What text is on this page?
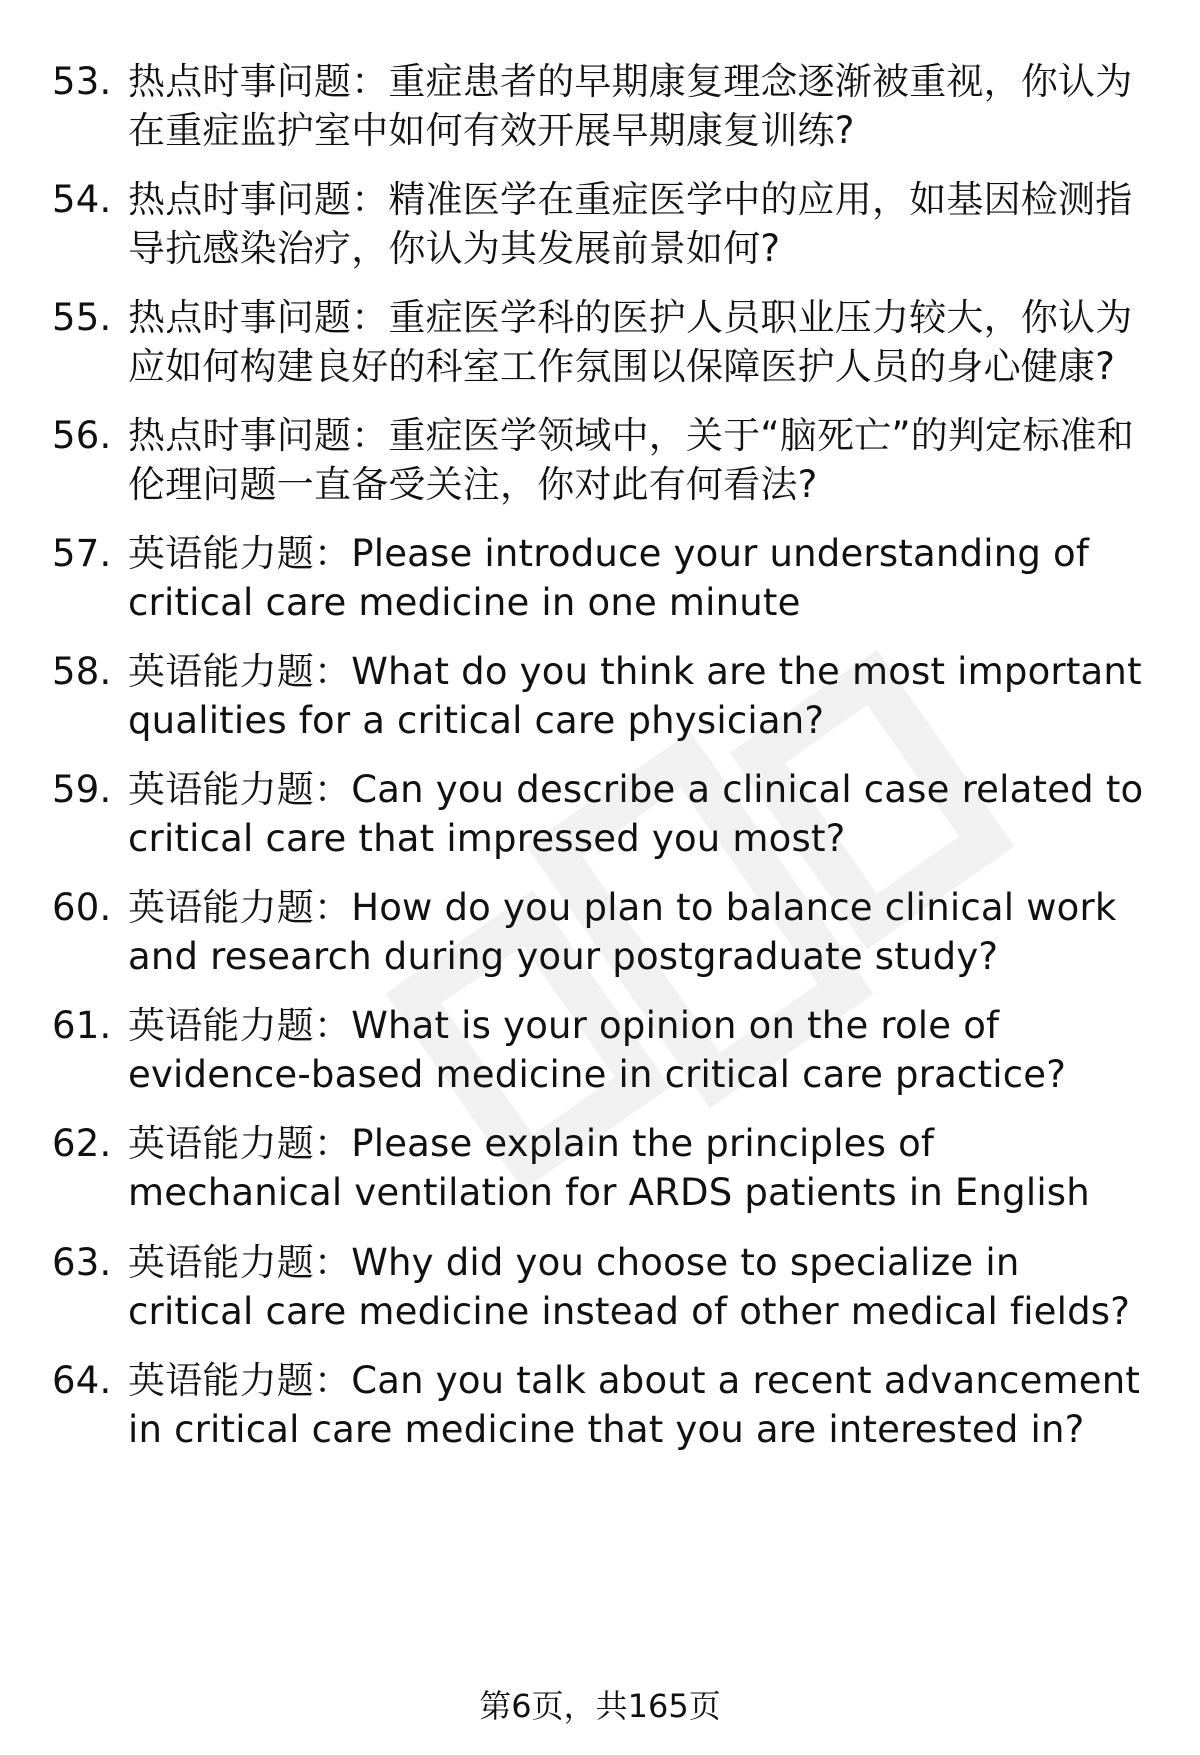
53. 热点时事问题：重症患者的早期康复理念逐渐被重视，你认为在重症监护室中如何有效开展早期康复训练?
54. 热点时事问题：精准医学在重症医学中的应用，如基因检测指导抗感染治疗，你认为其发展前景如何?
55. 热点时事问题：重症医学科的医护人员职业压力较大，你认为应如何构建良好的科室工作氛围以保障医护人员的身心健康?
56. 热点时事问题：重症医学领域中，关于“脑死亡”的判定标准和伦理问题一直备受关注，你对此有何看法?
57. 英语能力题：Please introduce your understanding of critical care medicine in one minute
58. 英语能力题：What do you think are the most important qualities for a critical care physician?
59. 英语能力题：Can you describe a clinical case related to critical care that impressed you most?
60. 英语能力题：How do you plan to balance clinical work and research during your postgraduate study?
61. 英语能力题：What is your opinion on the role of evidence-based medicine in critical care practice?
62. 英语能力题：Please explain the principles of mechanical ventilation for ARDS patients in English
63. 英语能力题：Why did you choose to specialize in critical care medicine instead of other medical fields?
64. 英语能力题：Can you talk about a recent advancement in critical care medicine that you are interested in?
第6页，共165页
